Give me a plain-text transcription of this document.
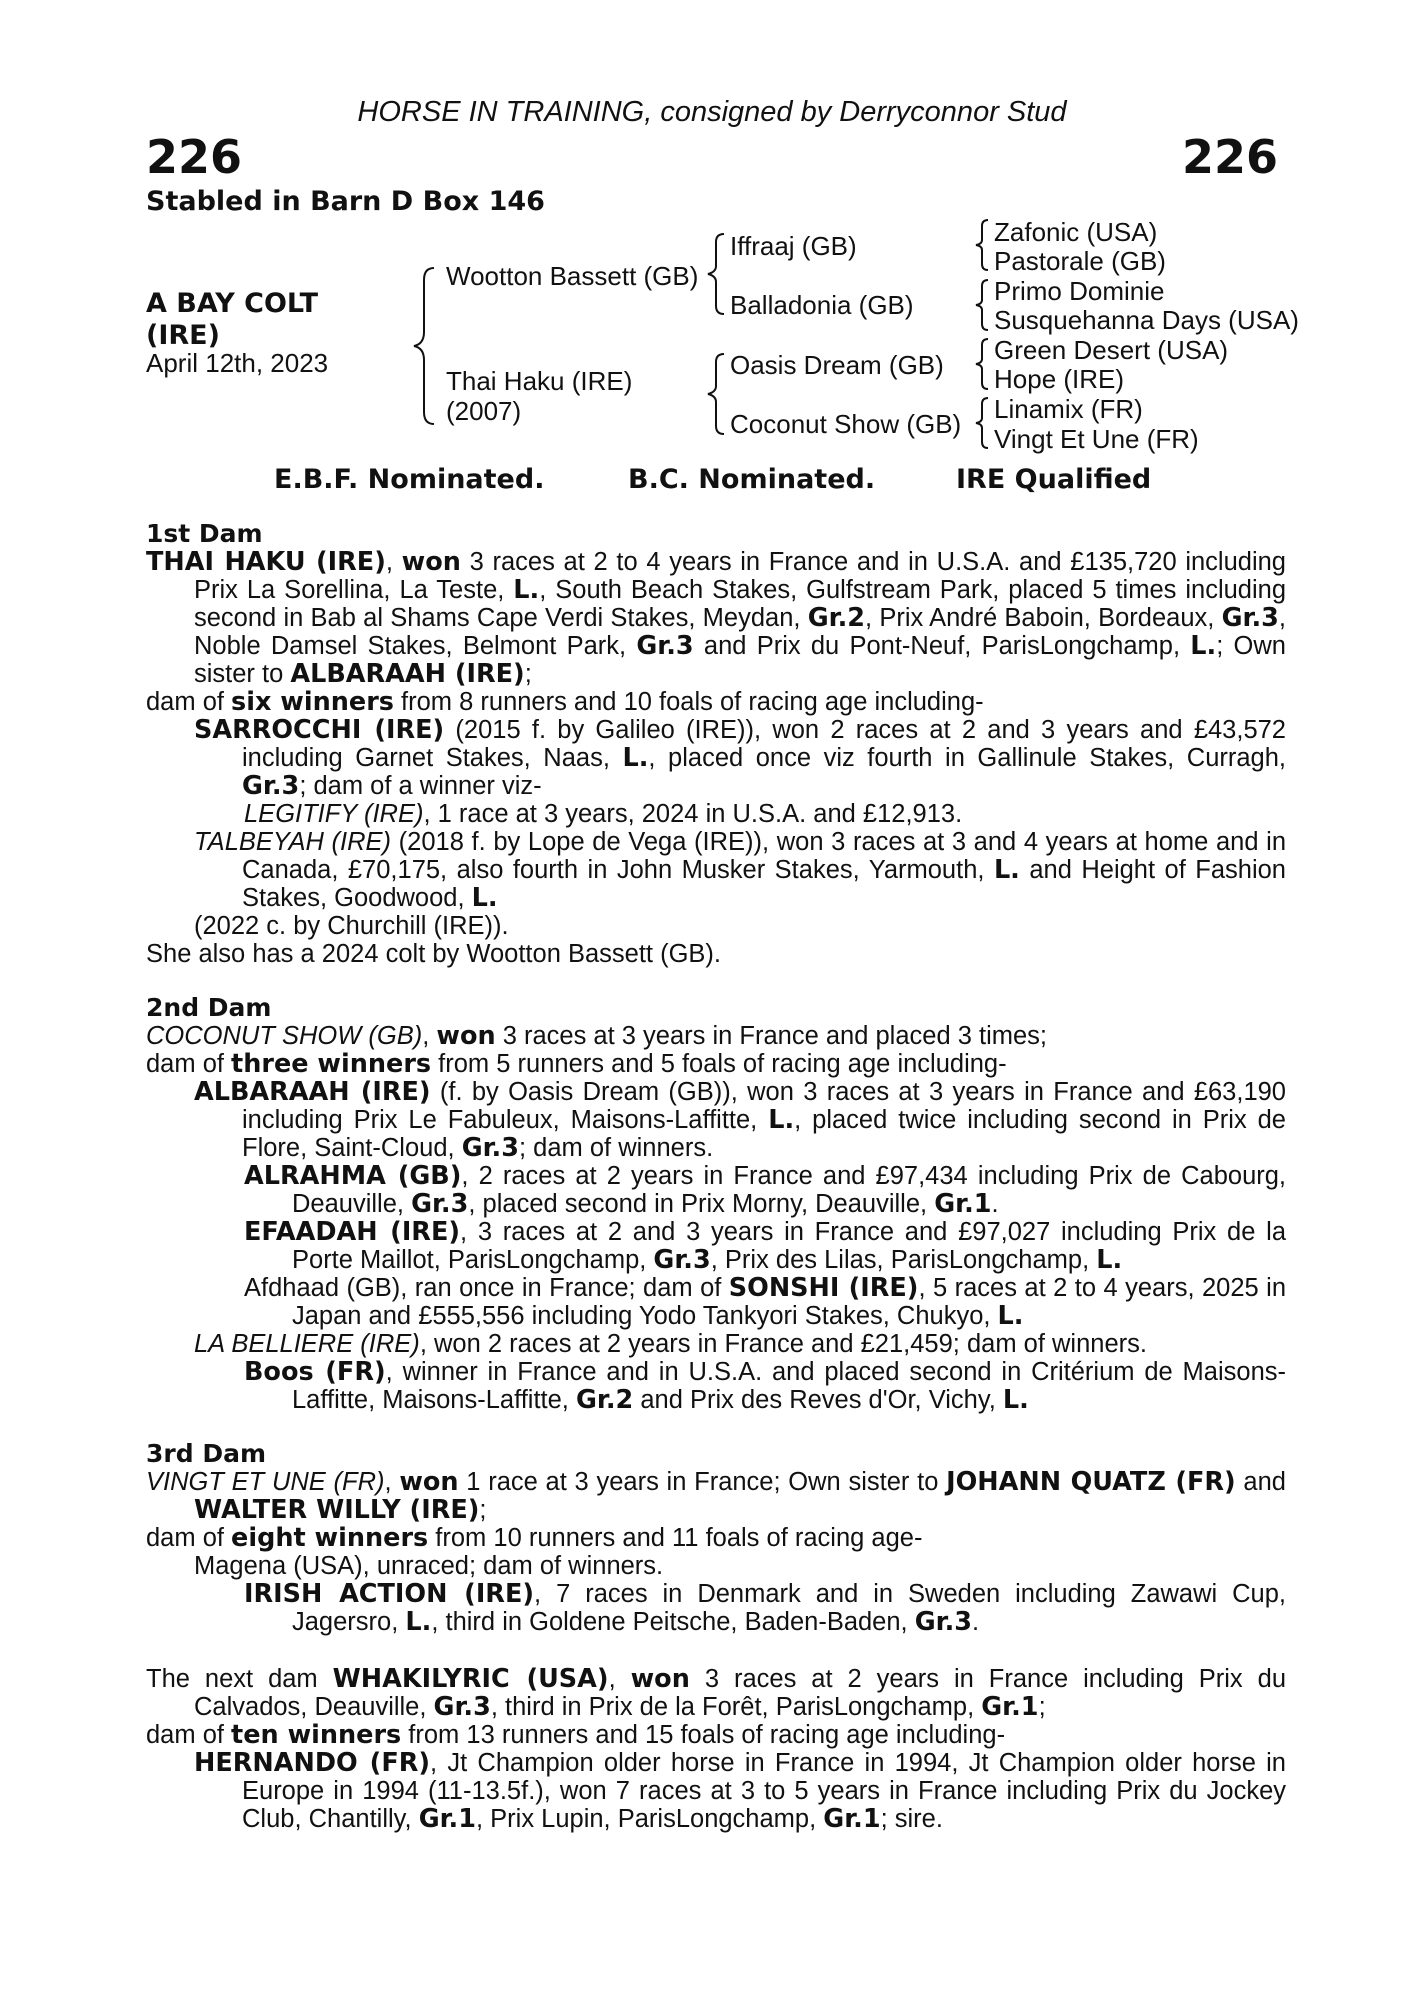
HORSE IN TRAINING, consigned by Derryconnor Stud
226	226
Stabled in Barn D Box 146
A BAY COLT
(IRE)
April 12th, 2023
Wootton Bassett (GB)
Thai Haku (IRE)
(2007)
Iffraaj (GB)
Balladonia (GB)
Oasis Dream (GB)
Coconut Show (GB)
Zafonic (USA)
Pastorale (GB)
Primo Dominie
Susquehanna Days (USA)
Green Desert (USA)
Hope (IRE)
Linamix (FR)
Vingt Et Une (FR)
E.B.F. Nominated.	B.C. Nominated.	IRE Qualified

1st Dam

THAI HAKU (IRE), won 3 races at 2 to 4 years in France and in U.S.A. and £135,720 including Prix La Sorellina, La Teste, L., South Beach Stakes, Gulfstream Park, placed 5 times including second in Bab al Shams Cape Verdi Stakes, Meydan, Gr.2, Prix André Baboin, Bordeaux, Gr.3, Noble Damsel Stakes, Belmont Park, Gr.3 and Prix du Pont-Neuf, ParisLongchamp, L.; Own sister to ALBARAAH (IRE);

dam of six winners from 8 runners and 10 foals of racing age including-

SARROCCHI (IRE) (2015 f. by Galileo (IRE)), won 2 races at 2 and 3 years and £43,572 including Garnet Stakes, Naas, L., placed once viz fourth in Gallinule Stakes, Curragh, Gr.3; dam of a winner viz-

LEGITIFY (IRE), 1 race at 3 years, 2024 in U.S.A. and £12,913.

TALBEYAH (IRE) (2018 f. by Lope de Vega (IRE)), won 3 races at 3 and 4 years at home and in Canada, £70,175, also fourth in John Musker Stakes, Yarmouth, L. and Height of Fashion Stakes, Goodwood, L.

(2022 c. by Churchill (IRE)).

She also has a 2024 colt by Wootton Bassett (GB).

2nd Dam

COCONUT SHOW (GB), won 3 races at 3 years in France and placed 3 times;

dam of three winners from 5 runners and 5 foals of racing age including-

ALBARAAH (IRE) (f. by Oasis Dream (GB)), won 3 races at 3 years in France and £63,190 including Prix Le Fabuleux, Maisons-Laffitte, L., placed twice including second in Prix de Flore, Saint-Cloud, Gr.3; dam of winners.

ALRAHMA (GB), 2 races at 2 years in France and £97,434 including Prix de Cabourg, Deauville, Gr.3, placed second in Prix Morny, Deauville, Gr.1.

EFAADAH (IRE), 3 races at 2 and 3 years in France and £97,027 including Prix de la Porte Maillot, ParisLongchamp, Gr.3, Prix des Lilas, ParisLongchamp, L.

Afdhaad (GB), ran once in France; dam of SONSHI (IRE), 5 races at 2 to 4 years, 2025 in Japan and £555,556 including Yodo Tankyori Stakes, Chukyo, L.

LA BELLIERE (IRE), won 2 races at 2 years in France and £21,459; dam of winners.

Boos (FR), winner in France and in U.S.A. and placed second in Critérium de Maisons-Laffitte, Maisons-Laffitte, Gr.2 and Prix des Reves d'Or, Vichy, L.

3rd Dam

VINGT ET UNE (FR), won 1 race at 3 years in France; Own sister to JOHANN QUATZ (FR) and WALTER WILLY (IRE);

dam of eight winners from 10 runners and 11 foals of racing age-

Magena (USA), unraced; dam of winners.

IRISH ACTION (IRE), 7 races in Denmark and in Sweden including Zawawi Cup, Jagersro, L., third in Goldene Peitsche, Baden-Baden, Gr.3.

The next dam WHAKILYRIC (USA), won 3 races at 2 years in France including Prix du Calvados, Deauville, Gr.3, third in Prix de la Forêt, ParisLongchamp, Gr.1;

dam of ten winners from 13 runners and 15 foals of racing age including-

HERNANDO (FR), Jt Champion older horse in France in 1994, Jt Champion older horse in Europe in 1994 (11-13.5f.), won 7 races at 3 to 5 years in France including Prix du Jockey Club, Chantilly, Gr.1, Prix Lupin, ParisLongchamp, Gr.1; sire.
